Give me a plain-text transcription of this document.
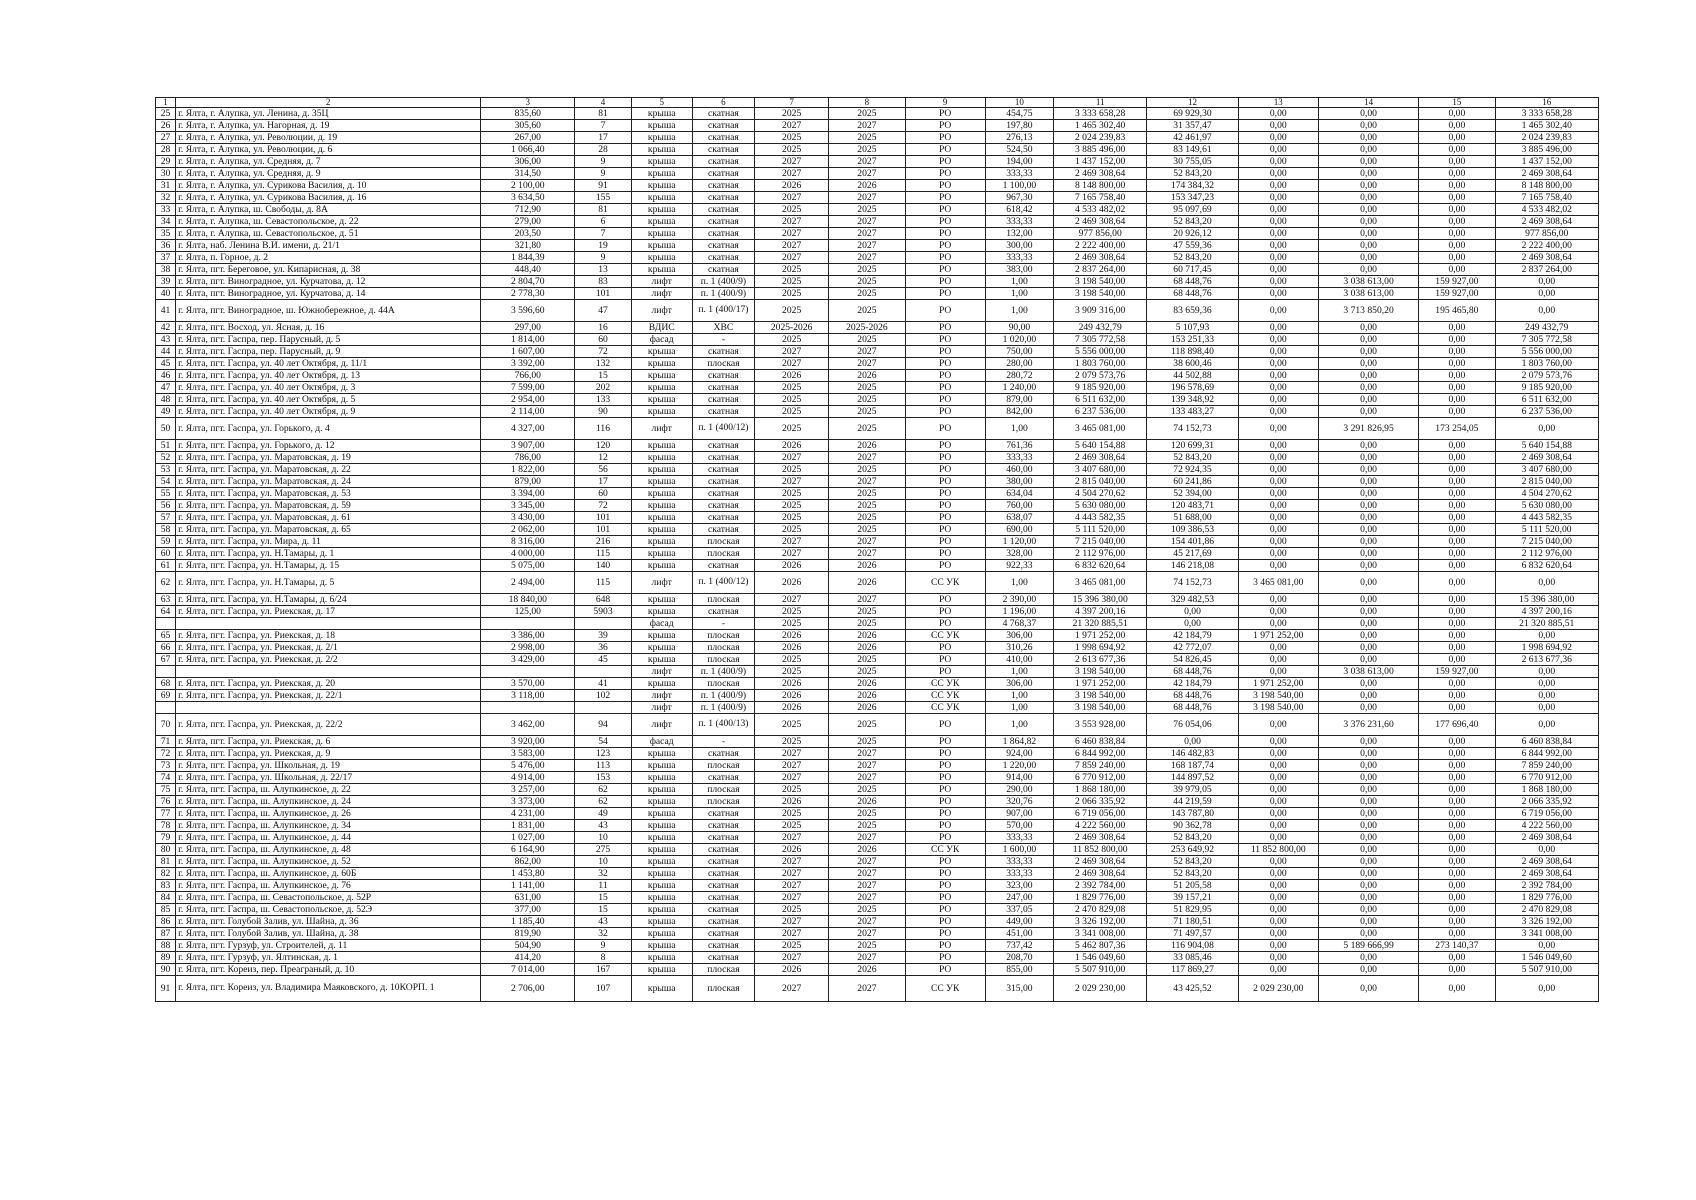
1	2	3	4	5	6	7	8	9	10	11	12	13	14	15	16
25	г. Ялта, г. Алупка, ул. Ленина, д. 35Ц	835,60	81	крыша	скатная	2025	2025	РО	454,75	3 333 658,28	69 929,30	0,00	0,00	0,00	3 333 658,28
26	г. Ялта, г. Алупка, ул. Нагорная, д. 19	305,60	7	крыша	скатная	2027	2027	РО	197,80	1 465 302,40	31 357,47	0,00	0,00	0,00	1 465 302,40
27	г. Ялта, г. Алупка, ул. Революции, д. 19	267,00	17	крыша	скатная	2025	2025	РО	276,13	2 024 239,83	42 461,97	0,00	0,00	0,00	2 024 239,83
28	г. Ялта, г. Алупка, ул. Революции, д. 6	1 066,40	28	крыша	скатная	2025	2025	РО	524,50	3 885 496,00	83 149,61	0,00	0,00	0,00	3 885 496,00
29	г. Ялта, г. Алупка, ул. Средняя, д. 7	306,00	9	крыша	скатная	2027	2027	РО	194,00	1 437 152,00	30 755,05	0,00	0,00	0,00	1 437 152,00
30	г. Ялта, г. Алупка, ул. Средняя, д. 9	314,50	9	крыша	скатная	2027	2027	РО	333,33	2 469 308,64	52 843,20	0,00	0,00	0,00	2 469 308,64
31	г. Ялта, г. Алупка, ул. Сурикова Василия, д. 10	2 100,00	91	крыша	скатная	2026	2026	РО	1 100,00	8 148 800,00	174 384,32	0,00	0,00	0,00	8 148 800,00
32	г. Ялта, г. Алупка, ул. Сурикова Василия, д. 16	3 634,50	155	крыша	скатная	2027	2027	РО	967,30	7 165 758,40	153 347,23	0,00	0,00	0,00	7 165 758,40
33	г. Ялта, г. Алупка, ш. Свободы, д. 8А	712,90	81	крыша	скатная	2025	2025	РО	618,42	4 533 482,02	95 097,69	0,00	0,00	0,00	4 533 482,02
34	г. Ялта, г. Алупка, ш. Севастопольское, д. 22	279,00	6	крыша	скатная	2027	2027	РО	333,33	2 469 308,64	52 843,20	0,00	0,00	0,00	2 469 308,64
35	г. Ялта, г. Алупка, ш. Севастопольское, д. 51	203,50	7	крыша	скатная	2027	2027	РО	132,00	977 856,00	20 926,12	0,00	0,00	0,00	977 856,00
36	г. Ялта, наб. Ленина В.И. имени, д. 21/1	321,80	19	крыша	скатная	2027	2027	РО	300,00	2 222 400,00	47 559,36	0,00	0,00	0,00	2 222 400,00
37	г. Ялта, п. Горное, д. 2	1 844,39	9	крыша	скатная	2027	2027	РО	333,33	2 469 308,64	52 843,20	0,00	0,00	0,00	2 469 308,64
38	г. Ялта, пгт. Береговое, ул. Кипарисная, д. 38	448,40	13	крыша	скатная	2025	2025	РО	383,00	2 837 264,00	60 717,45	0,00	0,00	0,00	2 837 264,00
39	г. Ялта, пгт. Виноградное, ул. Курчатова, д. 12	2 804,70	83	лифт	п. 1 (400/9)	2025	2025	РО	1,00	3 198 540,00	68 448,76	0,00	3 038 613,00	159 927,00	0,00
40	г. Ялта, пгт. Виноградное, ул. Курчатова, д. 14	2 778,30	101	лифт	п. 1 (400/9)	2025	2025	РО	1,00	3 198 540,00	68 448,76	0,00	3 038 613,00	159 927,00	0,00
41	г. Ялта, пгт. Виноградное, ш. Южнобережное, д. 44А	3 596,60	47	лифт	п. 1 (400/17)	2025	2025	РО	1,00	3 909 316,00	83 659,36	0,00	3 713 850,20	195 465,80	0,00
42	г. Ялта, пгт. Восход, ул. Ясная, д. 16	297,00	16	ВДИС	ХВС	2025-2026	2025-2026	РО	90,00	249 432,79	5 107,93	0,00	0,00	0,00	249 432,79
43	г. Ялта, пгт. Гаспра, пер. Парусный, д. 5	1 814,00	60	фасад	-	2025	2025	РО	1 020,00	7 305 772,58	153 251,33	0,00	0,00	0,00	7 305 772,58
44	г. Ялта, пгт. Гаспра, пер. Парусный, д. 9	1 607,00	72	крыша	скатная	2027	2027	РО	750,00	5 556 000,00	118 898,40	0,00	0,00	0,00	5 556 000,00
45	г. Ялта, пгт. Гаспра, ул. 40 лет Октября, д. 11/1	3 392,00	132	крыша	плоская	2027	2027	РО	280,00	1 803 760,00	38 600,46	0,00	0,00	0,00	1 803 760,00
46	г. Ялта, пгт. Гаспра, ул. 40 лет Октября, д. 13	766,00	15	крыша	скатная	2026	2026	РО	280,72	2 079 573,76	44 502,88	0,00	0,00	0,00	2 079 573,76
47	г. Ялта, пгт. Гаспра, ул. 40 лет Октября, д. 3	7 599,00	202	крыша	скатная	2025	2025	РО	1 240,00	9 185 920,00	196 578,69	0,00	0,00	0,00	9 185 920,00
48	г. Ялта, пгт. Гаспра, ул. 40 лет Октября, д. 5	2 954,00	133	крыша	скатная	2025	2025	РО	879,00	6 511 632,00	139 348,92	0,00	0,00	0,00	6 511 632,00
49	г. Ялта, пгт. Гаспра, ул. 40 лет Октября, д. 9	2 114,00	90	крыша	скатная	2025	2025	РО	842,00	6 237 536,00	133 483,27	0,00	0,00	0,00	6 237 536,00
50	г. Ялта, пгт. Гаспра, ул. Горького, д. 4	4 327,00	116	лифт	п. 1 (400/12)	2025	2025	РО	1,00	3 465 081,00	74 152,73	0,00	3 291 826,95	173 254,05	0,00
51	г. Ялта, пгт. Гаспра, ул. Горького, д. 12	3 907,00	120	крыша	скатная	2026	2026	РО	761,36	5 640 154,88	120 699,31	0,00	0,00	0,00	5 640 154,88
52	г. Ялта, пгт. Гаспра, ул. Маратовская, д. 19	786,00	12	крыша	скатная	2027	2027	РО	333,33	2 469 308,64	52 843,20	0,00	0,00	0,00	2 469 308,64
53	г. Ялта, пгт. Гаспра, ул. Маратовская, д. 22	1 822,00	56	крыша	скатная	2025	2025	РО	460,00	3 407 680,00	72 924,35	0,00	0,00	0,00	3 407 680,00
54	г. Ялта, пгт. Гаспра, ул. Маратовская, д. 24	879,00	17	крыша	скатная	2027	2027	РО	380,00	2 815 040,00	60 241,86	0,00	0,00	0,00	2 815 040,00
55	г. Ялта, пгт. Гаспра, ул. Маратовская, д. 53	3 394,00	60	крыша	скатная	2025	2025	РО	634,04	4 504 270,62	52 394,00	0,00	0,00	0,00	4 504 270,62
56	г. Ялта, пгт. Гаспра, ул. Маратовская, д. 59	3 345,00	72	крыша	скатная	2025	2025	РО	760,00	5 630 080,00	120 483,71	0,00	0,00	0,00	5 630 080,00
57	г. Ялта, пгт. Гаспра, ул. Маратовская, д. 61	3 430,00	101	крыша	скатная	2025	2025	РО	638,07	4 443 582,35	51 688,00	0,00	0,00	0,00	4 443 582,35
58	г. Ялта, пгт. Гаспра, ул. Маратовская, д. 65	2 062,00	101	крыша	скатная	2025	2025	РО	690,00	5 111 520,00	109 386,53	0,00	0,00	0,00	5 111 520,00
59	г. Ялта, пгт. Гаспра, ул. Мира, д. 11	8 316,00	216	крыша	плоская	2027	2027	РО	1 120,00	7 215 040,00	154 401,86	0,00	0,00	0,00	7 215 040,00
60	г. Ялта, пгт. Гаспра, ул. Н.Тамары, д. 1	4 000,00	115	крыша	плоская	2027	2027	РО	328,00	2 112 976,00	45 217,69	0,00	0,00	0,00	2 112 976,00
61	г. Ялта, пгт. Гаспра, ул. Н.Тамары, д. 15	5 075,00	140	крыша	скатная	2026	2026	РО	922,33	6 832 620,64	146 218,08	0,00	0,00	0,00	6 832 620,64
62	г. Ялта, пгт. Гаспра, ул. Н.Тамары, д. 5	2 494,00	115	лифт	п. 1 (400/12)	2026	2026	СС УК	1,00	3 465 081,00	74 152,73	3 465 081,00	0,00	0,00	0,00
63	г. Ялта, пгт. Гаспра, ул. Н.Тамары, д. 6/24	18 840,00	648	крыша	плоская	2027	2027	РО	2 390,00	15 396 380,00	329 482,53	0,00	0,00	0,00	15 396 380,00
64	г. Ялта, пгт. Гаспра, ул. Риекская, д. 17	125,00	5903	крыша	скатная	2025	2025	РО	1 196,00	4 397 200,16	0,00	0,00	0,00	0,00	4 397 200,16
				фасад	-	2025	2025	РО	4 768,37	21 320 885,51	0,00	0,00	0,00	0,00	21 320 885,51
65	г. Ялта, пгт. Гаспра, ул. Риекская, д. 18	3 386,00	39	крыша	плоская	2026	2026	СС УК	306,00	1 971 252,00	42 184,79	1 971 252,00	0,00	0,00	0,00
66	г. Ялта, пгт. Гаспра, ул. Риекская, д. 2/1	2 998,00	36	крыша	плоская	2026	2026	РО	310,26	1 998 694,92	42 772,07	0,00	0,00	0,00	1 998 694,92
67	г. Ялта, пгт. Гаспра, ул. Риекская, д. 2/2	3 429,00	45	крыша	плоская	2025	2025	РО	410,00	2 613 677,36	54 826,45	0,00	0,00	0,00	2 613 677,36
				лифт	п. 1 (400/9)	2025	2025	РО	1,00	3 198 540,00	68 448,76	0,00	3 038 613,00	159 927,00	0,00
68	г. Ялта, пгт. Гаспра, ул. Риекская, д. 20	3 570,00	41	крыша	плоская	2026	2026	СС УК	306,00	1 971 252,00	42 184,79	1 971 252,00	0,00	0,00	0,00
69	г. Ялта, пгт. Гаспра, ул. Риекская, д. 22/1	3 118,00	102	лифт	п. 1 (400/9)	2026	2026	СС УК	1,00	3 198 540,00	68 448,76	3 198 540,00	0,00	0,00	0,00
				лифт	п. 1 (400/9)	2026	2026	СС УК	1,00	3 198 540,00	68 448,76	3 198 540,00	0,00	0,00	0,00
70	г. Ялта, пгт. Гаспра, ул. Риекская, д. 22/2	3 462,00	94	лифт	п. 1 (400/13)	2025	2025	РО	1,00	3 553 928,00	76 054,06	0,00	3 376 231,60	177 696,40	0,00
71	г. Ялта, пгт. Гаспра, ул. Риекская, д. 6	3 920,00	54	фасад	-	2025	2025	РО	1 864,82	6 460 838,84	0,00	0,00	0,00	0,00	6 460 838,84
72	г. Ялта, пгт. Гаспра, ул. Риекская, д. 9	3 583,00	123	крыша	скатная	2027	2027	РО	924,00	6 844 992,00	146 482,83	0,00	0,00	0,00	6 844 992,00
73	г. Ялта, пгт. Гаспра, ул. Школьная, д. 19	5 476,00	113	крыша	плоская	2027	2027	РО	1 220,00	7 859 240,00	168 187,74	0,00	0,00	0,00	7 859 240,00
74	г. Ялта, пгт. Гаспра, ул. Школьная, д. 22/17	4 914,00	153	крыша	скатная	2027	2027	РО	914,00	6 770 912,00	144 897,52	0,00	0,00	0,00	6 770 912,00
75	г. Ялта, пгт. Гаспра, ш. Алупкинское, д. 22	3 257,00	62	крыша	плоская	2025	2025	РО	290,00	1 868 180,00	39 979,05	0,00	0,00	0,00	1 868 180,00
76	г. Ялта, пгт. Гаспра, ш. Алупкинское, д. 24	3 373,00	62	крыша	плоская	2026	2026	РО	320,76	2 066 335,92	44 219,59	0,00	0,00	0,00	2 066 335,92
77	г. Ялта, пгт. Гаспра, ш. Алупкинское, д. 26	4 231,00	49	крыша	скатная	2025	2025	РО	907,00	6 719 056,00	143 787,80	0,00	0,00	0,00	6 719 056,00
78	г. Ялта, пгт. Гаспра, ш. Алупкинское, д. 34	1 831,00	43	крыша	скатная	2025	2025	РО	570,00	4 222 560,00	90 362,78	0,00	0,00	0,00	4 222 560,00
79	г. Ялта, пгт. Гаспра, ш. Алупкинское, д. 44	1 027,00	10	крыша	скатная	2027	2027	РО	333,33	2 469 308,64	52 843,20	0,00	0,00	0,00	2 469 308,64
80	г. Ялта, пгт. Гаспра, ш. Алупкинское, д. 48	6 164,90	275	крыша	скатная	2026	2026	СС УК	1 600,00	11 852 800,00	253 649,92	11 852 800,00	0,00	0,00	0,00
81	г. Ялта, пгт. Гаспра, ш. Алупкинское, д. 52	862,00	10	крыша	скатная	2027	2027	РО	333,33	2 469 308,64	52 843,20	0,00	0,00	0,00	2 469 308,64
82	г. Ялта, пгт. Гаспра, ш. Алупкинское, д. 60Б	1 453,80	32	крыша	скатная	2027	2027	РО	333,33	2 469 308,64	52 843,20	0,00	0,00	0,00	2 469 308,64
83	г. Ялта, пгт. Гаспра, ш. Алупкинское, д. 76	1 141,00	11	крыша	скатная	2027	2027	РО	323,00	2 392 784,00	51 205,58	0,00	0,00	0,00	2 392 784,00
84	г. Ялта, пгт. Гаспра, ш. Севастопольское, д. 52Р	631,00	15	крыша	скатная	2027	2027	РО	247,00	1 829 776,00	39 157,21	0,00	0,00	0,00	1 829 776,00
85	г. Ялта, пгт. Гаспра, ш. Севастопольское, д. 52Э	377,00	15	крыша	скатная	2025	2025	РО	337,05	2 470 829,08	51 829,95	0,00	0,00	0,00	2 470 829,08
86	г. Ялта, пгт. Голубой Залив, ул. Шайна, д. 36	1 185,40	43	крыша	скатная	2027	2027	РО	449,00	3 326 192,00	71 180,51	0,00	0,00	0,00	3 326 192,00
87	г. Ялта, пгт. Голубой Залив, ул. Шайна, д. 38	819,90	32	крыша	скатная	2027	2027	РО	451,00	3 341 008,00	71 497,57	0,00	0,00	0,00	3 341 008,00
88	г. Ялта, пгт. Гурзуф, ул. Строителей, д. 11	504,90	9	крыша	скатная	2025	2025	РО	737,42	5 462 807,36	116 904,08	0,00	5 189 666,99	273 140,37	0,00
89	г. Ялта, пгт. Гурзуф, ул. Ялтинская, д. 1	414,20	8	крыша	скатная	2027	2027	РО	208,70	1 546 049,60	33 085,46	0,00	0,00	0,00	1 546 049,60
90	г. Ялта, пгт. Кореиз, пер. Преаграный, д. 10	7 014,00	167	крыша	плоская	2026	2026	РО	855,00	5 507 910,00	117 869,27	0,00	0,00	0,00	5 507 910,00
91	г. Ялта, пгт. Кореиз, ул. Владимира Маяковского, д. 10КОРП. 1	2 706,00	107	крыша	плоская	2027	2027	СС УК	315,00	2 029 230,00	43 425,52	2 029 230,00	0,00	0,00	0,00
